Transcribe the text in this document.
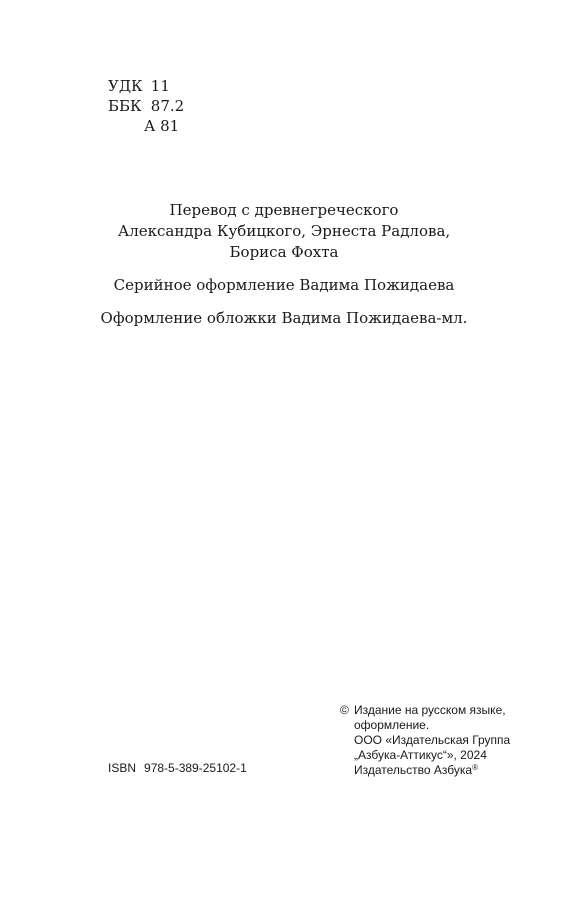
УДК 11
ББК 87.2
А 81

Перевод с древнегреческого

Александра Кубицкого, Эрнеста Радлова,

Бориса Фохта

Серийное оформление Вадима Пожидаева

Оформление обложки Вадима Пожидаева-мл.

ISBN 978-5-389-25102-1
© Издание на русском языке,
оформление.
ООО «Издательская Группа
„Азбука-Аттикус“», 2024
Издательство Азбука®
